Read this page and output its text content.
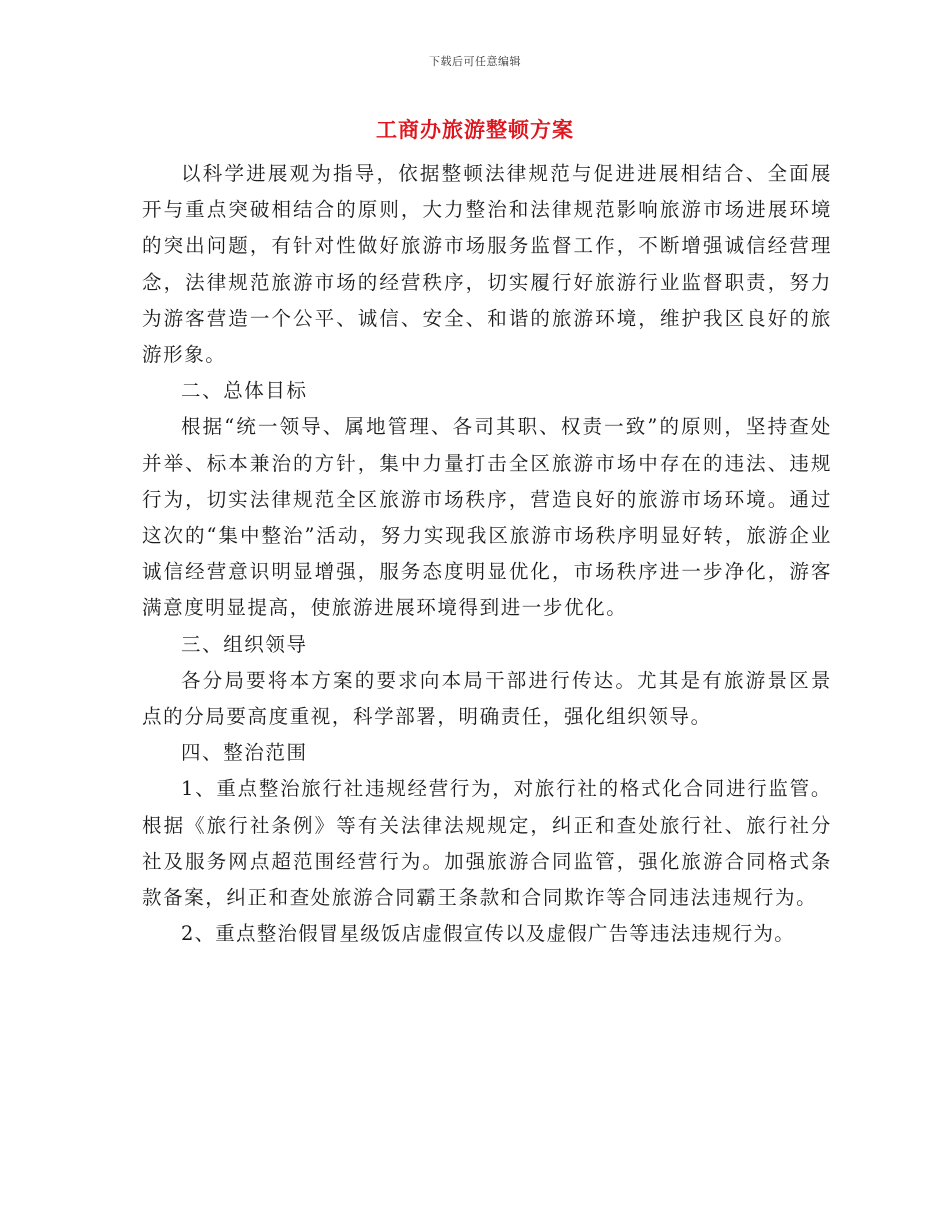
下载后可任意编辑
工商办旅游整顿方案

以科学进展观为指导，依据整顿法律规范与促进进展相结合、全面展开与重点突破相结合的原则，大力整治和法律规范影响旅游市场进展环境的突出问题，有针对性做好旅游市场服务监督工作，不断增强诚信经营理念，法律规范旅游市场的经营秩序，切实履行好旅游行业监督职责，努力为游客营造一个公平、诚信、安全、和谐的旅游环境，维护我区良好的旅游形象。

二、总体目标

根据“统一领导、属地管理、各司其职、权责一致”的原则，坚持查处并举、标本兼治的方针，集中力量打击全区旅游市场中存在的违法、违规行为，切实法律规范全区旅游市场秩序，营造良好的旅游市场环境。通过这次的“集中整治”活动，努力实现我区旅游市场秩序明显好转，旅游企业诚信经营意识明显增强，服务态度明显优化，市场秩序进一步净化，游客满意度明显提高，使旅游进展环境得到进一步优化。

三、组织领导

各分局要将本方案的要求向本局干部进行传达。尤其是有旅游景区景点的分局要高度重视，科学部署，明确责任，强化组织领导。

四、整治范围

1、重点整治旅行社违规经营行为，对旅行社的格式化合同进行监管。根据《旅行社条例》等有关法律法规规定，纠正和查处旅行社、旅行社分社及服务网点超范围经营行为。加强旅游合同监管，强化旅游合同格式条款备案，纠正和查处旅游合同霸王条款和合同欺诈等合同违法违规行为。

2、重点整治假冒星级饭店虚假宣传以及虚假广告等违法违规行为。
